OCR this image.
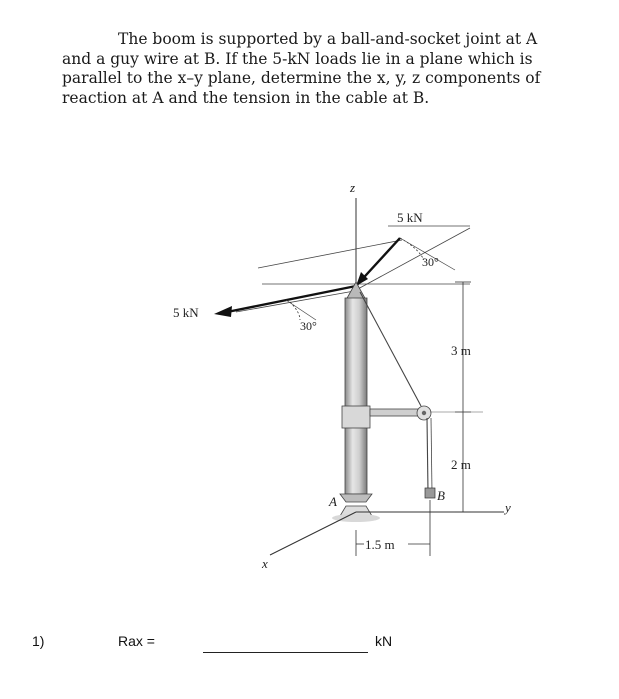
The boom is supported by a ball-and-socket joint at A

and a guy wire at B. If the 5-kN loads lie in a plane which is

parallel to the x–y plane, determine the x, y, z components of

reaction at A and the tension in the cable at B.

z
5 kN
30°
5 kN
30°
B
A	y
x
3 m
2 m
1.5 m
1)	Rax =	kN
